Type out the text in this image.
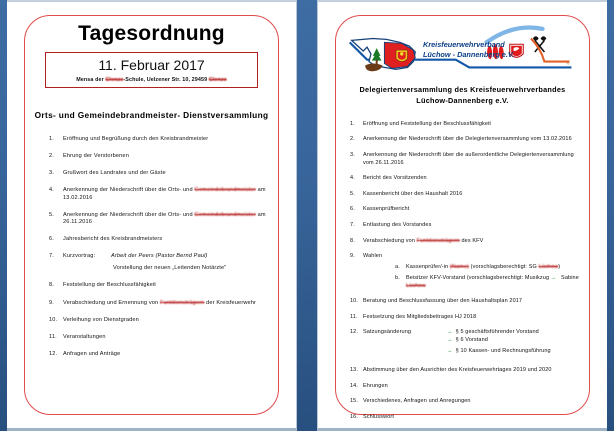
Tagesordnung
11. Februar 2017
Mensa der Clenze-Schule, Uelzener Str. 10, 29459 Clenze
Orts- und Gemeindebrandmeister- Dienstversammlung
Eröffnung und Begrüßung durch den Kreisbrandmeister
Ehrung der Verstorbenen
Grußwort des Landrates und der Gäste
Anerkennung der Niederschrift über die Orts- und Gemeindebrandmeister am 13.02.2016
Anerkennung der Niederschrift über die Orts- und Gemeindebrandmeister am 26.11.2016
Jahresbericht des Kreisbrandmeisters
Kurzvortrag:	Arbeit der Peers (Pastor Bernd Paul)
Vorstellung der neuen „Leitenden Notärzte"
Feststellung der Beschlussfähigkeit
Verabschiedung und Ernennung von Funktionsträgern der Kreisfeuerwehr
Verleihung von Dienstgraden
Veranstaltungen
Anfragen und Anträge
®
Kreisfeuerwehrverband
Lüchow - Dannenberg e.V.
Delegiertenversammlung des Kreisfeuerwehrverbandes
Lüchow-Dannenberg e.V.
Eröffnung und Feststellung der Beschlussfähigkeit
Anerkennung der Niederschrift über die Delegiertenversammlung vom 13.02.2016
Anerkennung der Niederschrift über die außerordentliche Delegiertenversammlung vom 26.11.2016
Bericht des Vorsitzenden
Kassenbericht über den Haushalt 2016
Kassenprüfbericht
Entlastung des Vorstandes
Verabschiedung von Funktionsträgern des KFV
Wahlen
Kassenprüfer/-in (Name) (vorschlagsberechtigt: SG Lüchow)
Beisitzer KFV-Vorstand (vorschlagsberechtigt: Musikzug → Sabine Lüchow
Beratung und Beschlussfassung über den Haushaltsplan 2017
Festsetzung des Mitgliedsbeitrages HJ 2018
Satzungsänderung	→ § 5 geschäftsführender Vorstand
→ § 6 Vorstand
→ § 10 Kassen- und Rechnungsführung
Abstimmung über den Ausrichter des Kreisfeuerwehrtages 2019 und 2020
Ehrungen
Verschiedenes, Anfragen und Anregungen
Schlusswort
